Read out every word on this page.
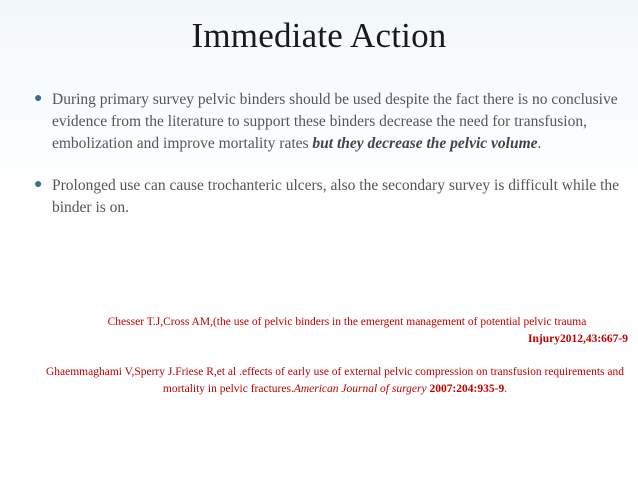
Immediate Action
● During primary survey pelvic binders should be used despite the fact there is no conclusive evidence from the literature to support these binders decrease the need for transfusion, embolization and improve mortality rates but they decrease the pelvic volume.
● Prolonged use can cause trochanteric ulcers, also the secondary survey is difficult while the binder is on.
Chesser T.J,Cross AM,(the use of pelvic binders in the emergent management of potential pelvic trauma
Injury2012,43:667-9
Ghaemmaghami V,Sperry J.Friese R,et al .effects of early use of external pelvic compression on transfusion requirements and mortality in pelvic fractures.American Journal of surgery 2007:204:935-9.
